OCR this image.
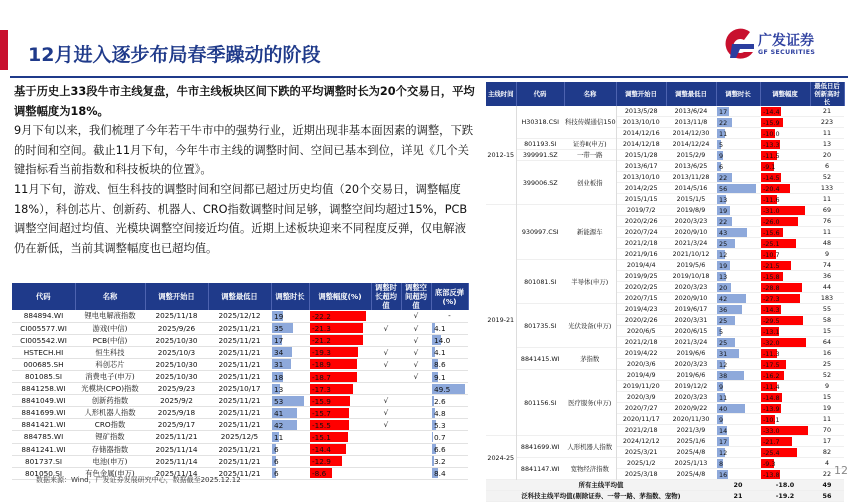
12月进入逐步布局春季躁动的阶段
广发证券
GF SECURITIES

基于历史上33段牛市主线复盘，牛市主线板块区间下跌的平均调整时长为20个交易日，平均调整幅度为18%。

9月下旬以来，我们梳理了今年若干牛市中的强势行业，近期出现非基本面因素的调整，下跌的时间和空间。截止11月下旬，今年牛市主线的调整时间、空间已基本到位，详见《几个关键指标看当前指数和科技板块的位置》。

11月下旬，游戏、恒生科技的调整时间和空间都已超过历史均值（20个交易日，调整幅度18%），科创芯片、创新药、机器人、CRO指数调整时间足够，调整空间均超过15%，PCB调整空间超过均值、光模块调整空间接近均值。近期上述板块迎来不同程度反弹，仅电解液仍在新低，当前其调整幅度也已超均值。

代码	名称	调整开始日	调整最低日	调整时长	调整幅度(%)	调整时长超均值	调整空间超均值	底部反弹(%)
884894.WI	锂电电解液指数	2025/11/18	2025/12/12	19	-22.2		√	-
CI005577.WI	游戏(中信)	2025/9/26	2025/11/21	35	-21.3	√	√	4.1

CI005542.WI	PCB(中信)	2025/10/30	2025/11/21	17	-21.2		√	14.0

HSTECH.HI	恒生科技	2025/10/3	2025/11/21	34	-19.3	√	√	4.1

000685.SH	科创芯片	2025/10/30	2025/11/21	31	-18.9	√	√	8.6

801085.SI	消费电子(申万)	2025/10/30	2025/11/21	18	-18.7		√	9.1

8841258.WI	光模块(CPO)指数	2025/9/23	2025/10/17	13	-17.3			49.5

8841049.WI	创新药指数	2025/9/2	2025/11/21	53	-15.9	√		2.6

8841699.WI	人形机器人指数	2025/9/18	2025/11/21	41	-15.7	√		4.8

8841421.WI	CRO指数	2025/9/17	2025/11/21	42	-15.5	√		5.3

884785.WI	锂矿指数	2025/11/21	2025/12/5	11	-15.1			0.7

8841241.WI	存储器指数	2025/11/14	2025/11/21	6	-14.4			6.6

801737.SI	电池(申万)	2025/11/14	2025/11/21	6	-12.9			3.2

801050.SI	有色金属(申万)	2025/11/14	2025/11/21	6	-8.6			8.4
数据来源：Wind，广发证券发展研究中心，数据截至2025.12.12
主线时间	代码	名称	调整开始日	调整最低日	调整时长	调整幅度	最低日后创新高时长
2012-15	H30318.CSI	科技传媒通信150	2013/5/28	2013/6/24	17	-14.4	21
			2013/10/10	2013/11/8	22	-15.9	223
			2014/12/16	2014/12/30	11	-10.0	11
	801193.SI	证券Ⅱ(申万)	2014/12/18	2014/12/24	5	-13.3	13
	399991.SZ	一带一路	2015/1/28	2015/2/9	9	-11.5	20
	399006.SZ	创业板指	2013/6/17	2013/6/25	6	-9.1	6
			2013/10/10	2013/11/28	22	-14.5	52
			2014/2/25	2014/5/16	56	-20.4	133
			2015/1/15	2015/1/5	13	-11.6	11
2019-21	930997.CSI	新能源车	2019/7/2	2019/8/9	19	-31.0	69
			2020/2/26	2020/3/23	22	-26.0	76
			2020/7/24	2020/9/10	43	-15.6	11
			2021/2/18	2021/3/24	25	-25.1	48
			2021/9/16	2021/10/12	12	-10.7	9
	801081.SI	半导体(申万)	2019/4/4	2019/5/6	19	-21.5	74
			2019/9/25	2019/10/18	13	-15.8	36
			2020/2/25	2020/3/23	20	-28.8	44
			2020/7/15	2020/9/10	42	-27.3	183
	801735.SI	光伏设备(申万)	2019/4/23	2019/6/17	36	-14.3	55
			2020/2/26	2020/3/31	25	-29.5	58
			2020/6/5	2020/6/15	5	-13.1	15
			2021/2/18	2021/3/24	25	-32.0	64
	8841415.WI	茅指数	2019/4/22	2019/6/6	31	-11.3	16
			2020/3/6	2020/3/23	12	-17.5	25
	801156.SI	医疗服务(申万)	2019/4/9	2019/6/6	38	-16.2	52
			2019/11/20	2019/12/2	9	-11.4	9
			2020/3/9	2020/3/23	11	-14.8	15
			2020/7/27	2020/9/22	40	-13.9	19
			2020/11/17	2020/11/30	9	-10.1	11
			2021/2/18	2021/3/9	14	-33.0	70
2024-25	8841699.WI	人形机器人指数	2024/12/12	2025/1/6	17	-21.7	17
			2025/3/21	2025/4/8	12	-25.4	82
	8841147.WI	宽物经济指数	2025/1/2	2025/1/13	8	-9.3	4
			2025/3/18	2025/4/8	16	-13.8	22
所有主线平均值					20	-18.0	49
泛科技主线平均值(剔除证券、一带一路、茅指数、宠物)					21	-19.2	56
12
